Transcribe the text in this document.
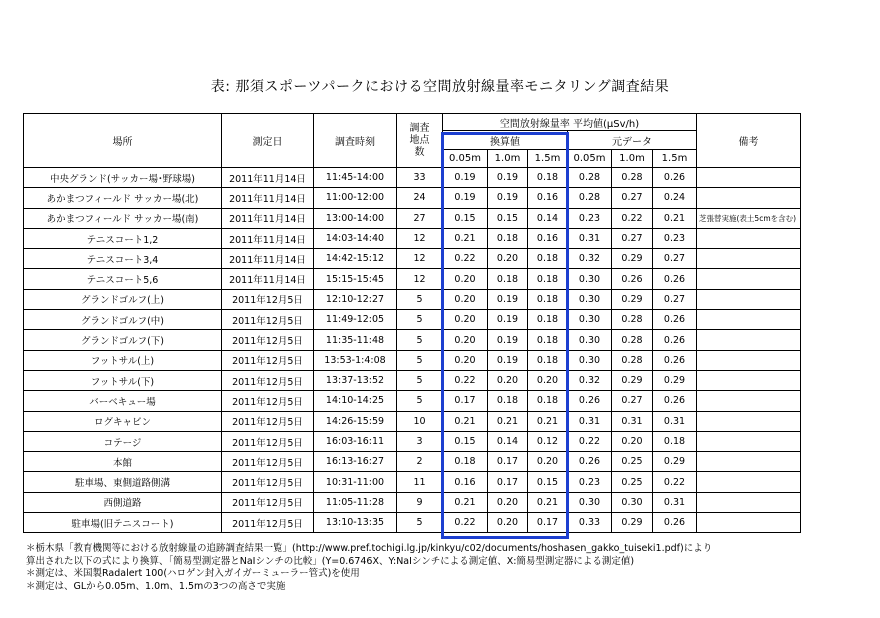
表: 那須スポーツパークにおける空間放射線量率モニタリング調査結果
場所	測定日	調査時刻	調査地点数	空間放射線量率 平均値(μSv/h)						備考
				換算値			元データ			
				0.05m	1.0m	1.5m	0.05m	1.0m	1.5m	
中央グランド(サッカー場･野球場)	2011年11月14日	11:45-14:00	33	0.19	0.19	0.18	0.28	0.28	0.26	
あかまつフィールド サッカー場(北)	2011年11月14日	11:00-12:00	24	0.19	0.19	0.16	0.28	0.27	0.24	
あかまつフィールド サッカー場(南)	2011年11月14日	13:00-14:00	27	0.15	0.15	0.14	0.23	0.22	0.21	芝張替実施(表土5cmを含む)
テニスコート1,2	2011年11月14日	14:03-14:40	12	0.21	0.18	0.16	0.31	0.27	0.23	
テニスコート3,4	2011年11月14日	14:42-15:12	12	0.22	0.20	0.18	0.32	0.29	0.27	
テニスコート5,6	2011年11月14日	15:15-15:45	12	0.20	0.18	0.18	0.30	0.26	0.26	
グランドゴルフ(上)	2011年12月5日	12:10-12:27	5	0.20	0.19	0.18	0.30	0.29	0.27	
グランドゴルフ(中)	2011年12月5日	11:49-12:05	5	0.20	0.19	0.18	0.30	0.28	0.26	
グランドゴルフ(下)	2011年12月5日	11:35-11:48	5	0.20	0.19	0.18	0.30	0.28	0.26	
フットサル(上)	2011年12月5日	13:53-1:4:08	5	0.20	0.19	0.18	0.30	0.28	0.26	
フットサル(下)	2011年12月5日	13:37-13:52	5	0.22	0.20	0.20	0.32	0.29	0.29	
バーベキュー場	2011年12月5日	14:10-14:25	5	0.17	0.18	0.18	0.26	0.27	0.26	
ログキャビン	2011年12月5日	14:26-15:59	10	0.21	0.21	0.21	0.31	0.31	0.31	
コテージ	2011年12月5日	16:03-16:11	3	0.15	0.14	0.12	0.22	0.20	0.18	
本館	2011年12月5日	16:13-16:27	2	0.18	0.17	0.20	0.26	0.25	0.29	
駐車場、東側道路側溝	2011年12月5日	10:31-11:00	11	0.16	0.17	0.15	0.23	0.25	0.22	
西側道路	2011年12月5日	11:05-11:28	9	0.21	0.20	0.21	0.30	0.30	0.31	
駐車場(旧テニスコート)	2011年12月5日	13:10-13:35	5	0.22	0.20	0.17	0.33	0.29	0.26	
＊栃木県「教育機関等における放射線量の追跡調査結果一覧」(http://www.pref.tochigi.lg.jp/kinkyu/c02/documents/hoshasen_gakko_tuiseki1.pdf)により
算出された以下の式により換算、「簡易型測定器とNaIシンチの比較」(Y=0.6746X、Y:NaIシンチによる測定値、X:簡易型測定器による測定値)
＊測定は、米国製Radalert 100(ハロゲン封入ガイガーミューラー管式)を使用
＊測定は、GLから0.05m、1.0m、1.5mの3つの高さで実施
